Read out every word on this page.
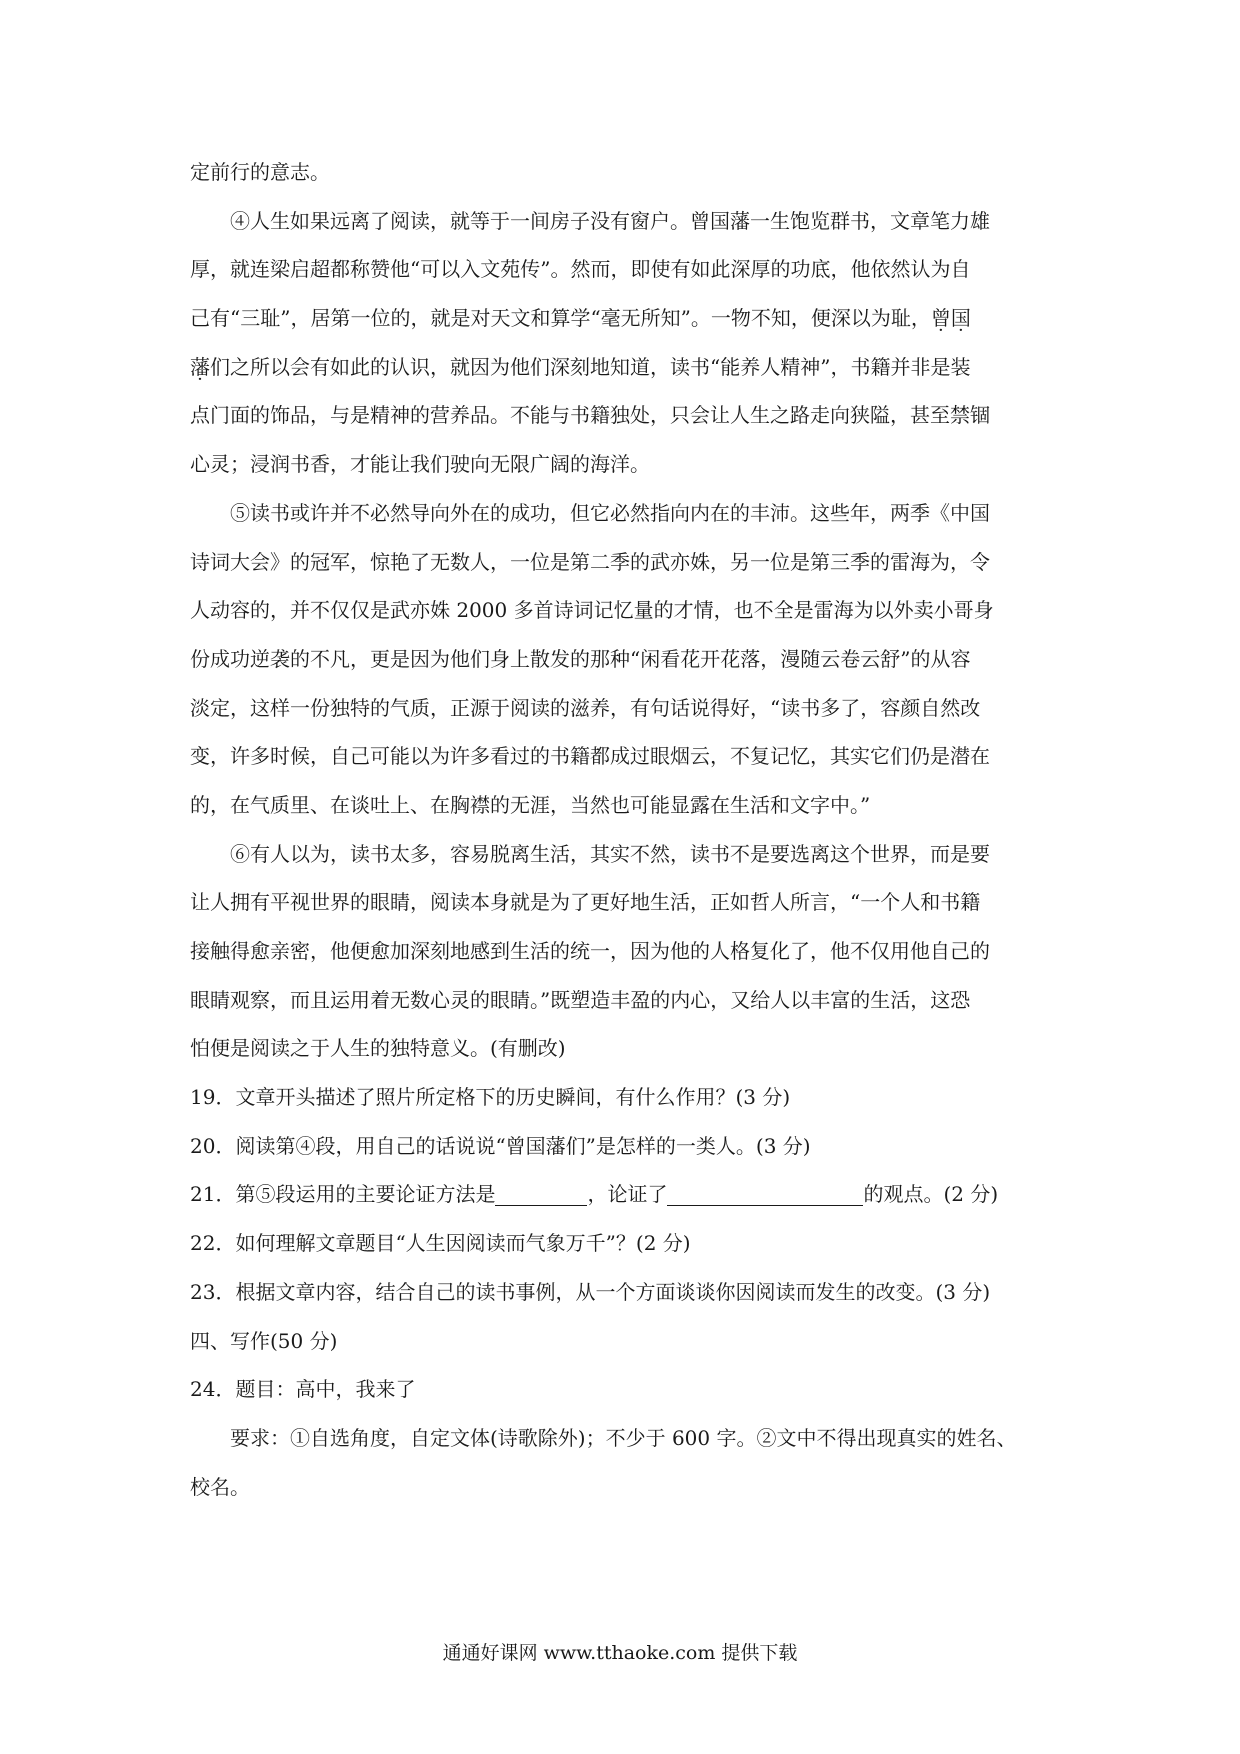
定前行的意志。
　　④人生如果远离了阅读，就等于一间房子没有窗户。曾国藩一生饱览群书，文章笔力雄
厚，就连梁启超都称赞他“可以入文苑传”。然而，即使有如此深厚的功底，他依然认为自
己有“三耻”，居第一位的，就是对天文和算学“毫无所知”。一物不知，便深以为耻，曾国
藩们之所以会有如此的认识，就因为他们深刻地知道，读书“能养人精神”，书籍并非是装
点门面的饰品，与是精神的营养品。不能与书籍独处，只会让人生之路走向狭隘，甚至禁锢
心灵；浸润书香，才能让我们驶向无限广阔的海洋。
　　⑤读书或许并不必然导向外在的成功，但它必然指向内在的丰沛。这些年，两季《中国
诗词大会》的冠军，惊艳了无数人，一位是第二季的武亦姝，另一位是第三季的雷海为，令
人动容的，并不仅仅是武亦姝 2000 多首诗词记忆量的才情，也不全是雷海为以外卖小哥身
份成功逆袭的不凡，更是因为他们身上散发的那种“闲看花开花落，漫随云卷云舒”的从容
淡定，这样一份独特的气质，正源于阅读的滋养，有句话说得好，“读书多了，容颜自然改
变，许多时候，自己可能以为许多看过的书籍都成过眼烟云，不复记忆，其实它们仍是潜在
的，在气质里、在谈吐上、在胸襟的无涯，当然也可能显露在生活和文字中。”
　　⑥有人以为，读书太多，容易脱离生活，其实不然，读书不是要选离这个世界，而是要
让人拥有平视世界的眼睛，阅读本身就是为了更好地生活，正如哲人所言，“一个人和书籍
接触得愈亲密，他便愈加深刻地感到生活的统一，因为他的人格复化了，他不仅用他自己的
眼睛观察，而且运用着无数心灵的眼睛。”既塑造丰盈的内心，又给人以丰富的生活，这恐
怕便是阅读之于人生的独特意义。(有删改)
19．文章开头描述了照片所定格下的历史瞬间，有什么作用？(3 分)
20．阅读第④段，用自己的话说说“曾国藩们”是怎样的一类人。(3 分)
21．第⑤段运用的主要论证方法是	，论证了	的观点。(2 分)
22．如何理解文章题目“人生因阅读而气象万千”？(2 分)
23．根据文章内容，结合自己的读书事例，从一个方面谈谈你因阅读而发生的改变。(3 分)
四、写作(50 分)
24．题目：高中，我来了
　　要求：①自选角度，自定文体(诗歌除外)；不少于 600 字。②文中不得出现真实的姓名、
校名。
通通好课网 www.tthaoke.com 提供下载
